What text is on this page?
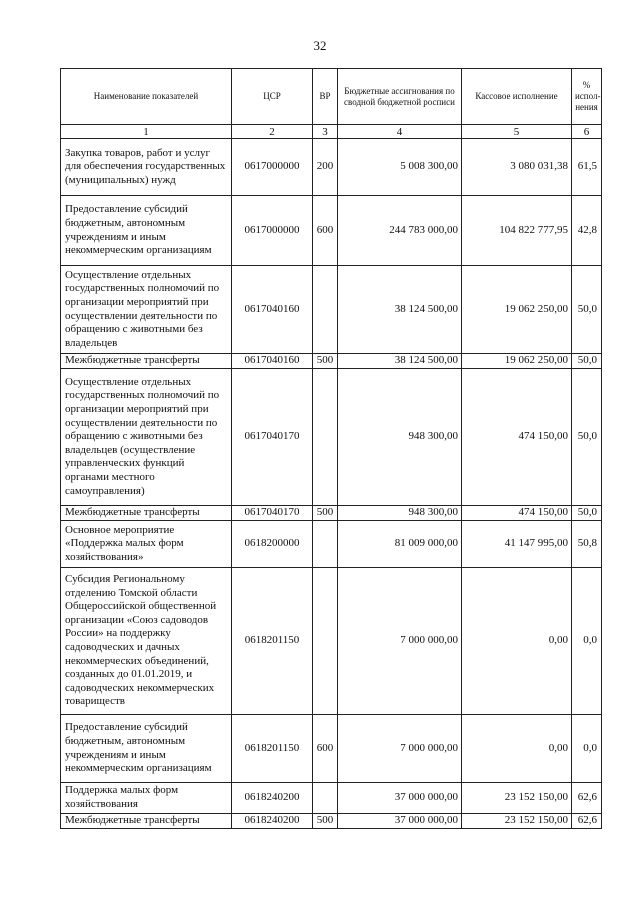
32
Наименование показателей	ЦСР	ВР	Бюджетные ассигнования по сводной бюджетной росписи	Кассовое исполнение	% испол- нения
1	2	3	4	5	6
Закупка товаров, работ и услуг для обеспечения государственных (муниципальных) нужд	0617000000	200	5 008 300,00	3 080 031,38	61,5
Предоставление субсидий бюджетным, автономным учреждениям и иным некоммерческим организациям	0617000000	600	244 783 000,00	104 822 777,95	42,8
Осуществление отдельных государственных полномочий по организации мероприятий при осуществлении деятельности по обращению с животными без владельцев	0617040160		38 124 500,00	19 062 250,00	50,0
Межбюджетные трансферты	0617040160	500	38 124 500,00	19 062 250,00	50,0
Осуществление отдельных государственных полномочий по организации мероприятий при осуществлении деятельности по обращению с животными без владельцев (осуществление управленческих функций органами местного самоуправления)	0617040170		948 300,00	474 150,00	50,0
Межбюджетные трансферты	0617040170	500	948 300,00	474 150,00	50,0
Основное мероприятие «Поддержка малых форм хозяйствования»	0618200000		81 009 000,00	41 147 995,00	50,8
Субсидия Региональному отделению Томской области Общероссийской общественной организации «Союз садоводов России» на поддержку садоводческих и дачных некоммерческих объединений, созданных до 01.01.2019, и садоводческих некоммерческих товариществ	0618201150		7 000 000,00	0,00	0,0
Предоставление субсидий бюджетным, автономным учреждениям и иным некоммерческим организациям	0618201150	600	7 000 000,00	0,00	0,0
Поддержка малых форм хозяйствования	0618240200		37 000 000,00	23 152 150,00	62,6
Межбюджетные трансферты	0618240200	500	37 000 000,00	23 152 150,00	62,6
